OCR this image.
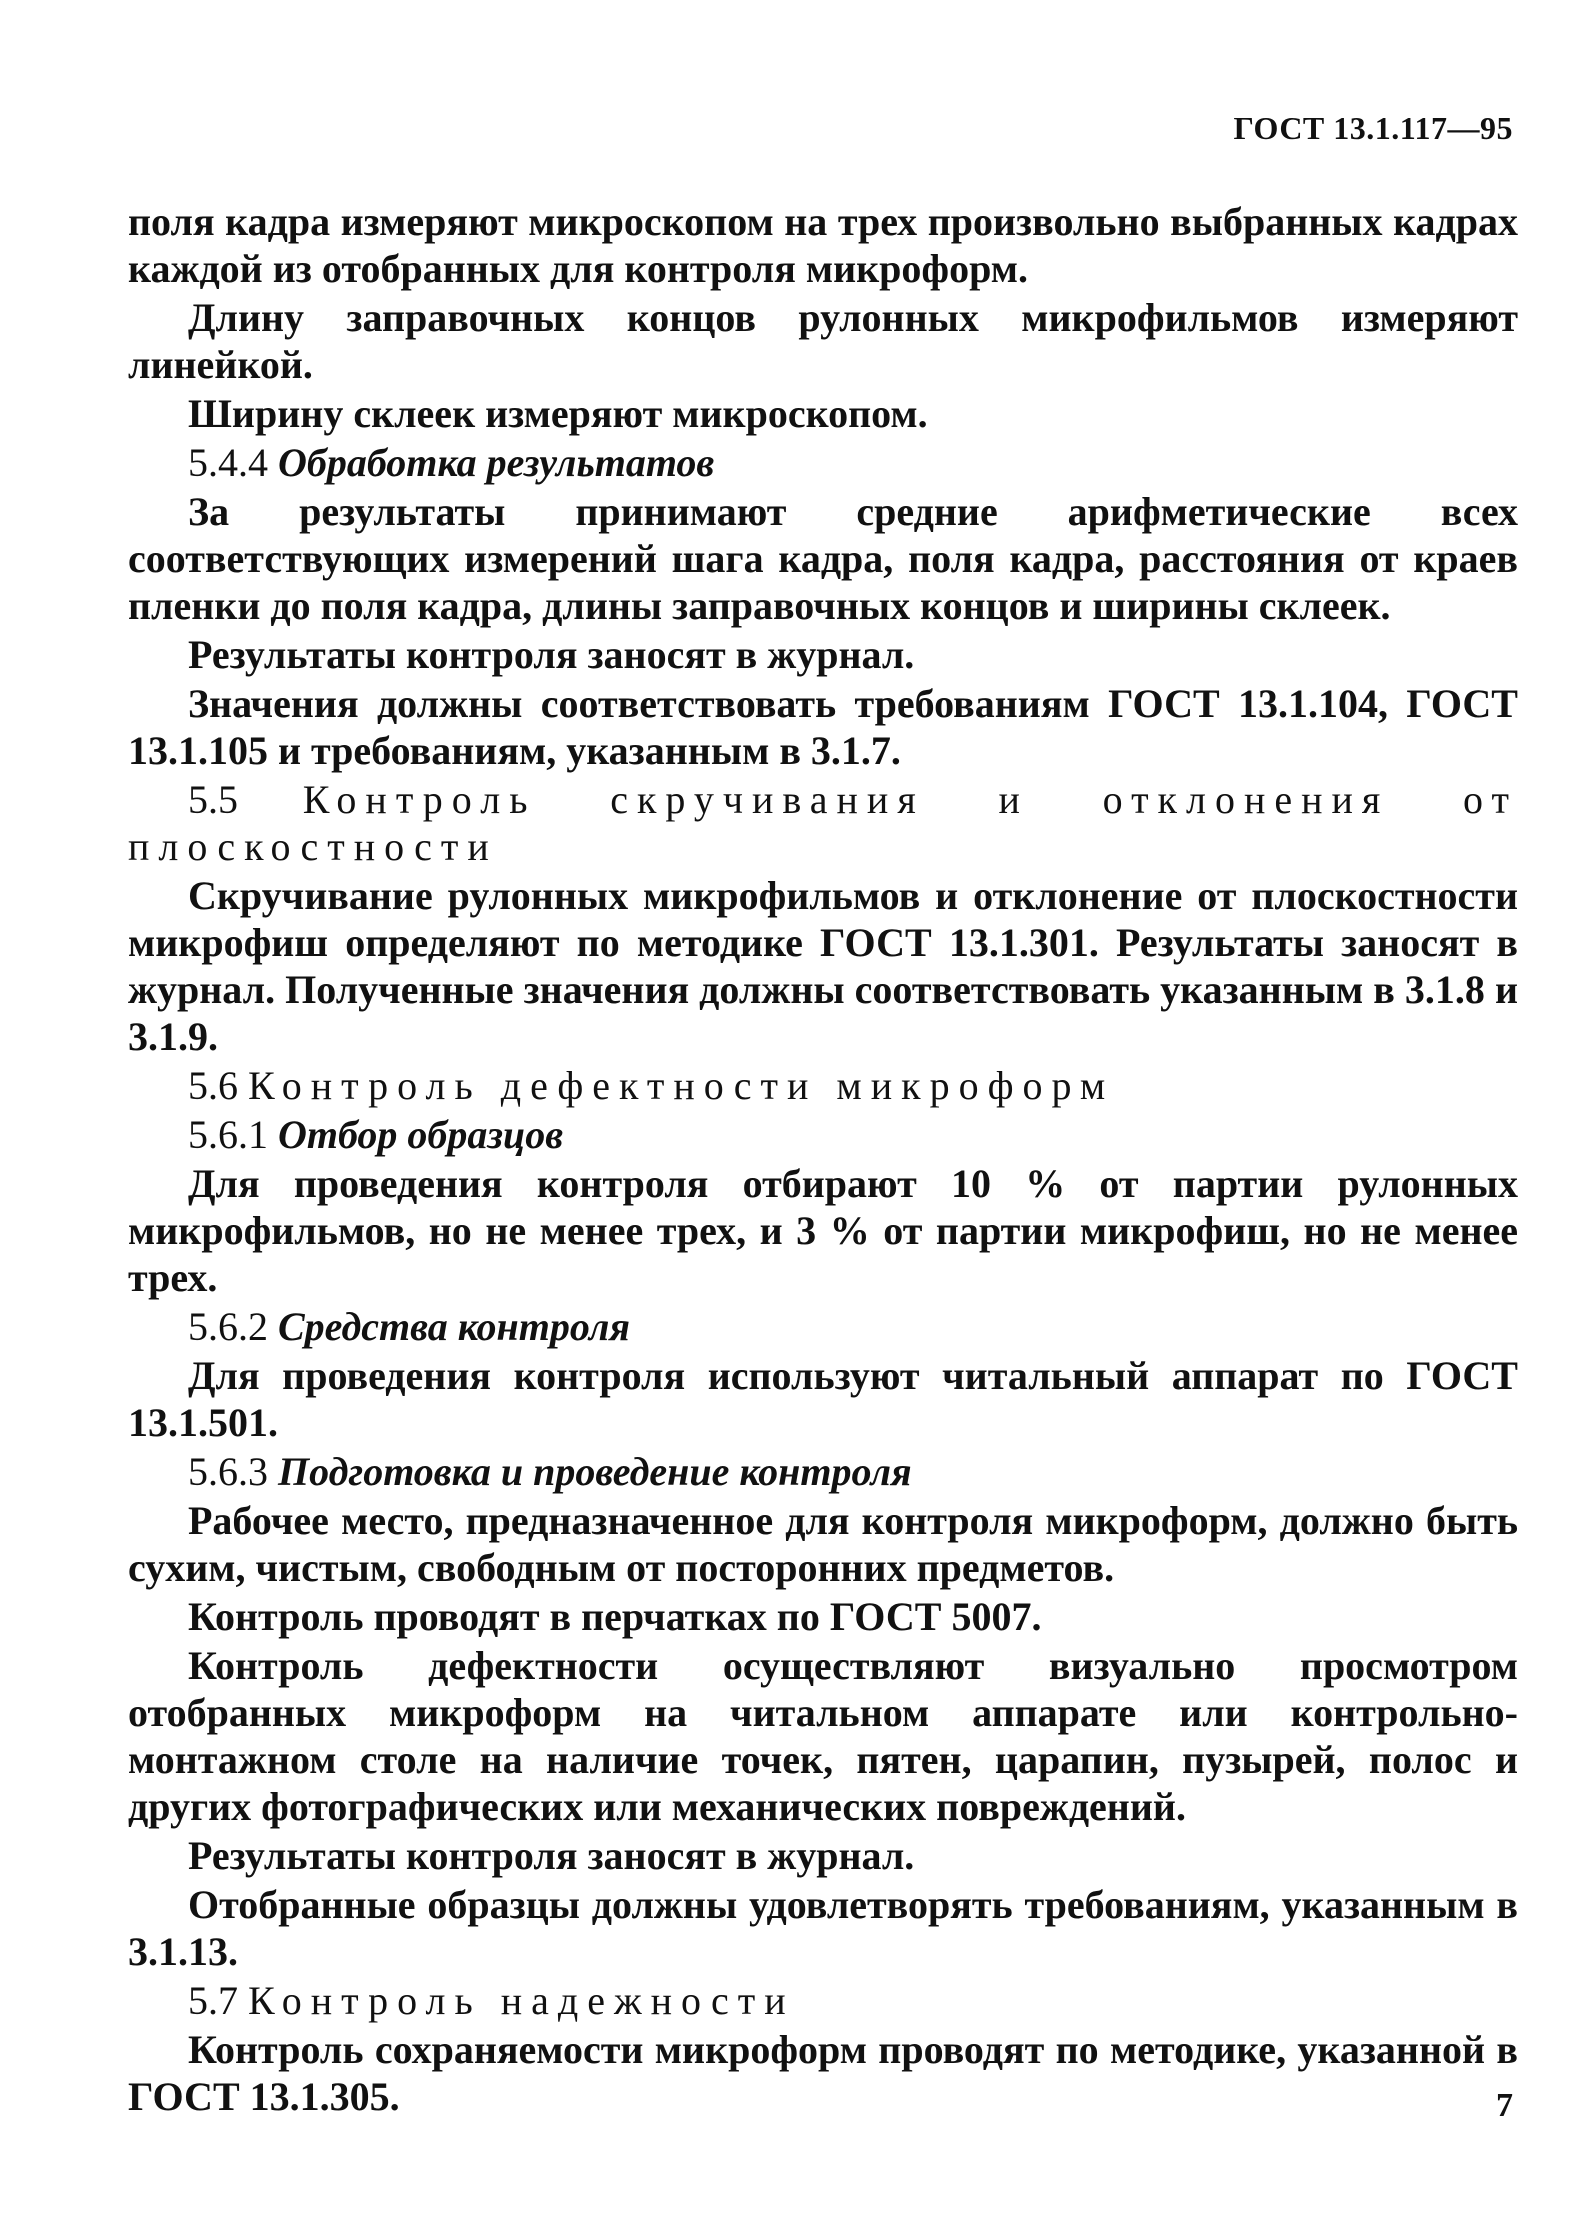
ГОСТ 13.1.117—95

поля кадра измеряют микроскопом на трех произвольно выбранных кадрах каждой из отобранных для контроля микроформ.

Длину заправочных концов рулонных микрофильмов измеряют линейкой.

Ширину склеек измеряют микроскопом.

5.4.4 Обработка результатов

За результаты принимают средние арифметические всех соответствующих измерений шага кадра, поля кадра, расстояния от краев пленки до поля кадра, длины заправочных концов и ширины склеек.

Результаты контроля заносят в журнал.

Значения должны соответствовать требованиям ГОСТ 13.1.104, ГОСТ 13.1.105 и требованиям, указанным в 3.1.7.

5.5 Контроль скручивания и отклонения от плоскостности

Скручивание рулонных микрофильмов и отклонение от плоскостности микрофиш определяют по методике ГОСТ 13.1.301. Результаты заносят в журнал. Полученные значения должны соответствовать указанным в 3.1.8 и 3.1.9.

5.6 Контроль дефектности микроформ

5.6.1 Отбор образцов

Для проведения контроля отбирают 10 % от партии рулонных микрофильмов, но не менее трех, и 3 % от партии микрофиш, но не менее трех.

5.6.2 Средства контроля

Для проведения контроля используют читальный аппарат по ГОСТ 13.1.501.

5.6.3 Подготовка и проведение контроля

Рабочее место, предназначенное для контроля микроформ, должно быть сухим, чистым, свободным от посторонних предметов.

Контроль проводят в перчатках по ГОСТ 5007.

Контроль дефектности осуществляют визуально просмотром отобранных микроформ на читальном аппарате или контрольно-монтажном столе на наличие точек, пятен, царапин, пузырей, полос и других фотографических или механических повреждений.

Результаты контроля заносят в журнал.

Отобранные образцы должны удовлетворять требованиям, указанным в 3.1.13.

5.7 Контроль надежности

Контроль сохраняемости микроформ проводят по методике, указанной в ГОСТ 13.1.305.	7
